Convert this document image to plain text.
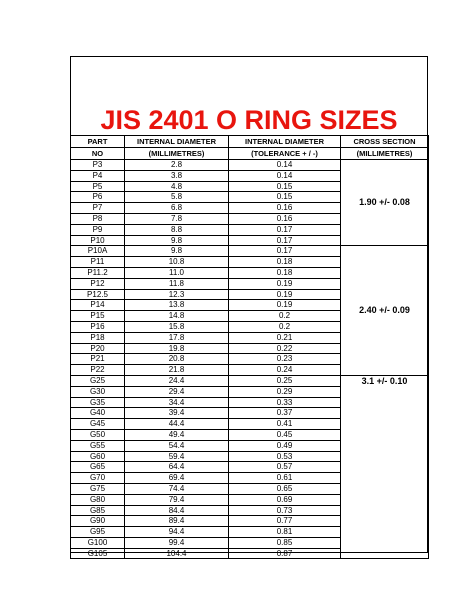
JIS 2401 O RING SIZES
PART	INTERNAL DIAMETER	INTERNAL DIAMETER	CROSS SECTION
NO	(MILLIMETRES)	(TOLERANCE + / -)	(MILLIMETRES)
P3	2.8	0.14	1.90 +/- 0.08
P4	3.8	0.14	
P5	4.8	0.15	
P6	5.8	0.15	
P7	6.8	0.16	
P8	7.8	0.16	
P9	8.8	0.17	
P10	9.8	0.17	
P10A	9.8	0.17	2.40 +/- 0.09
P11	10.8	0.18	
P11.2	11.0	0.18	
P12	11.8	0.19	
P12.5	12.3	0.19	
P14	13.8	0.19	
P15	14.8	0.2	
P16	15.8	0.2	
P18	17.8	0.21	
P20	19.8	0.22	
P21	20.8	0.23	
P22	21.8	0.24	
G25	24.4	0.25	3.1 +/- 0.10
G30	29.4	0.29	
G35	34.4	0.33	
G40	39.4	0.37	
G45	44.4	0.41	
G50	49.4	0.45	
G55	54.4	0.49	
G60	59.4	0.53	
G65	64.4	0.57	
G70	69.4	0.61	
G75	74.4	0.65	
G80	79.4	0.69	
G85	84.4	0.73	
G90	89.4	0.77	
G95	94.4	0.81	
G100	99.4	0.85	
G105	104.4	0.87	
